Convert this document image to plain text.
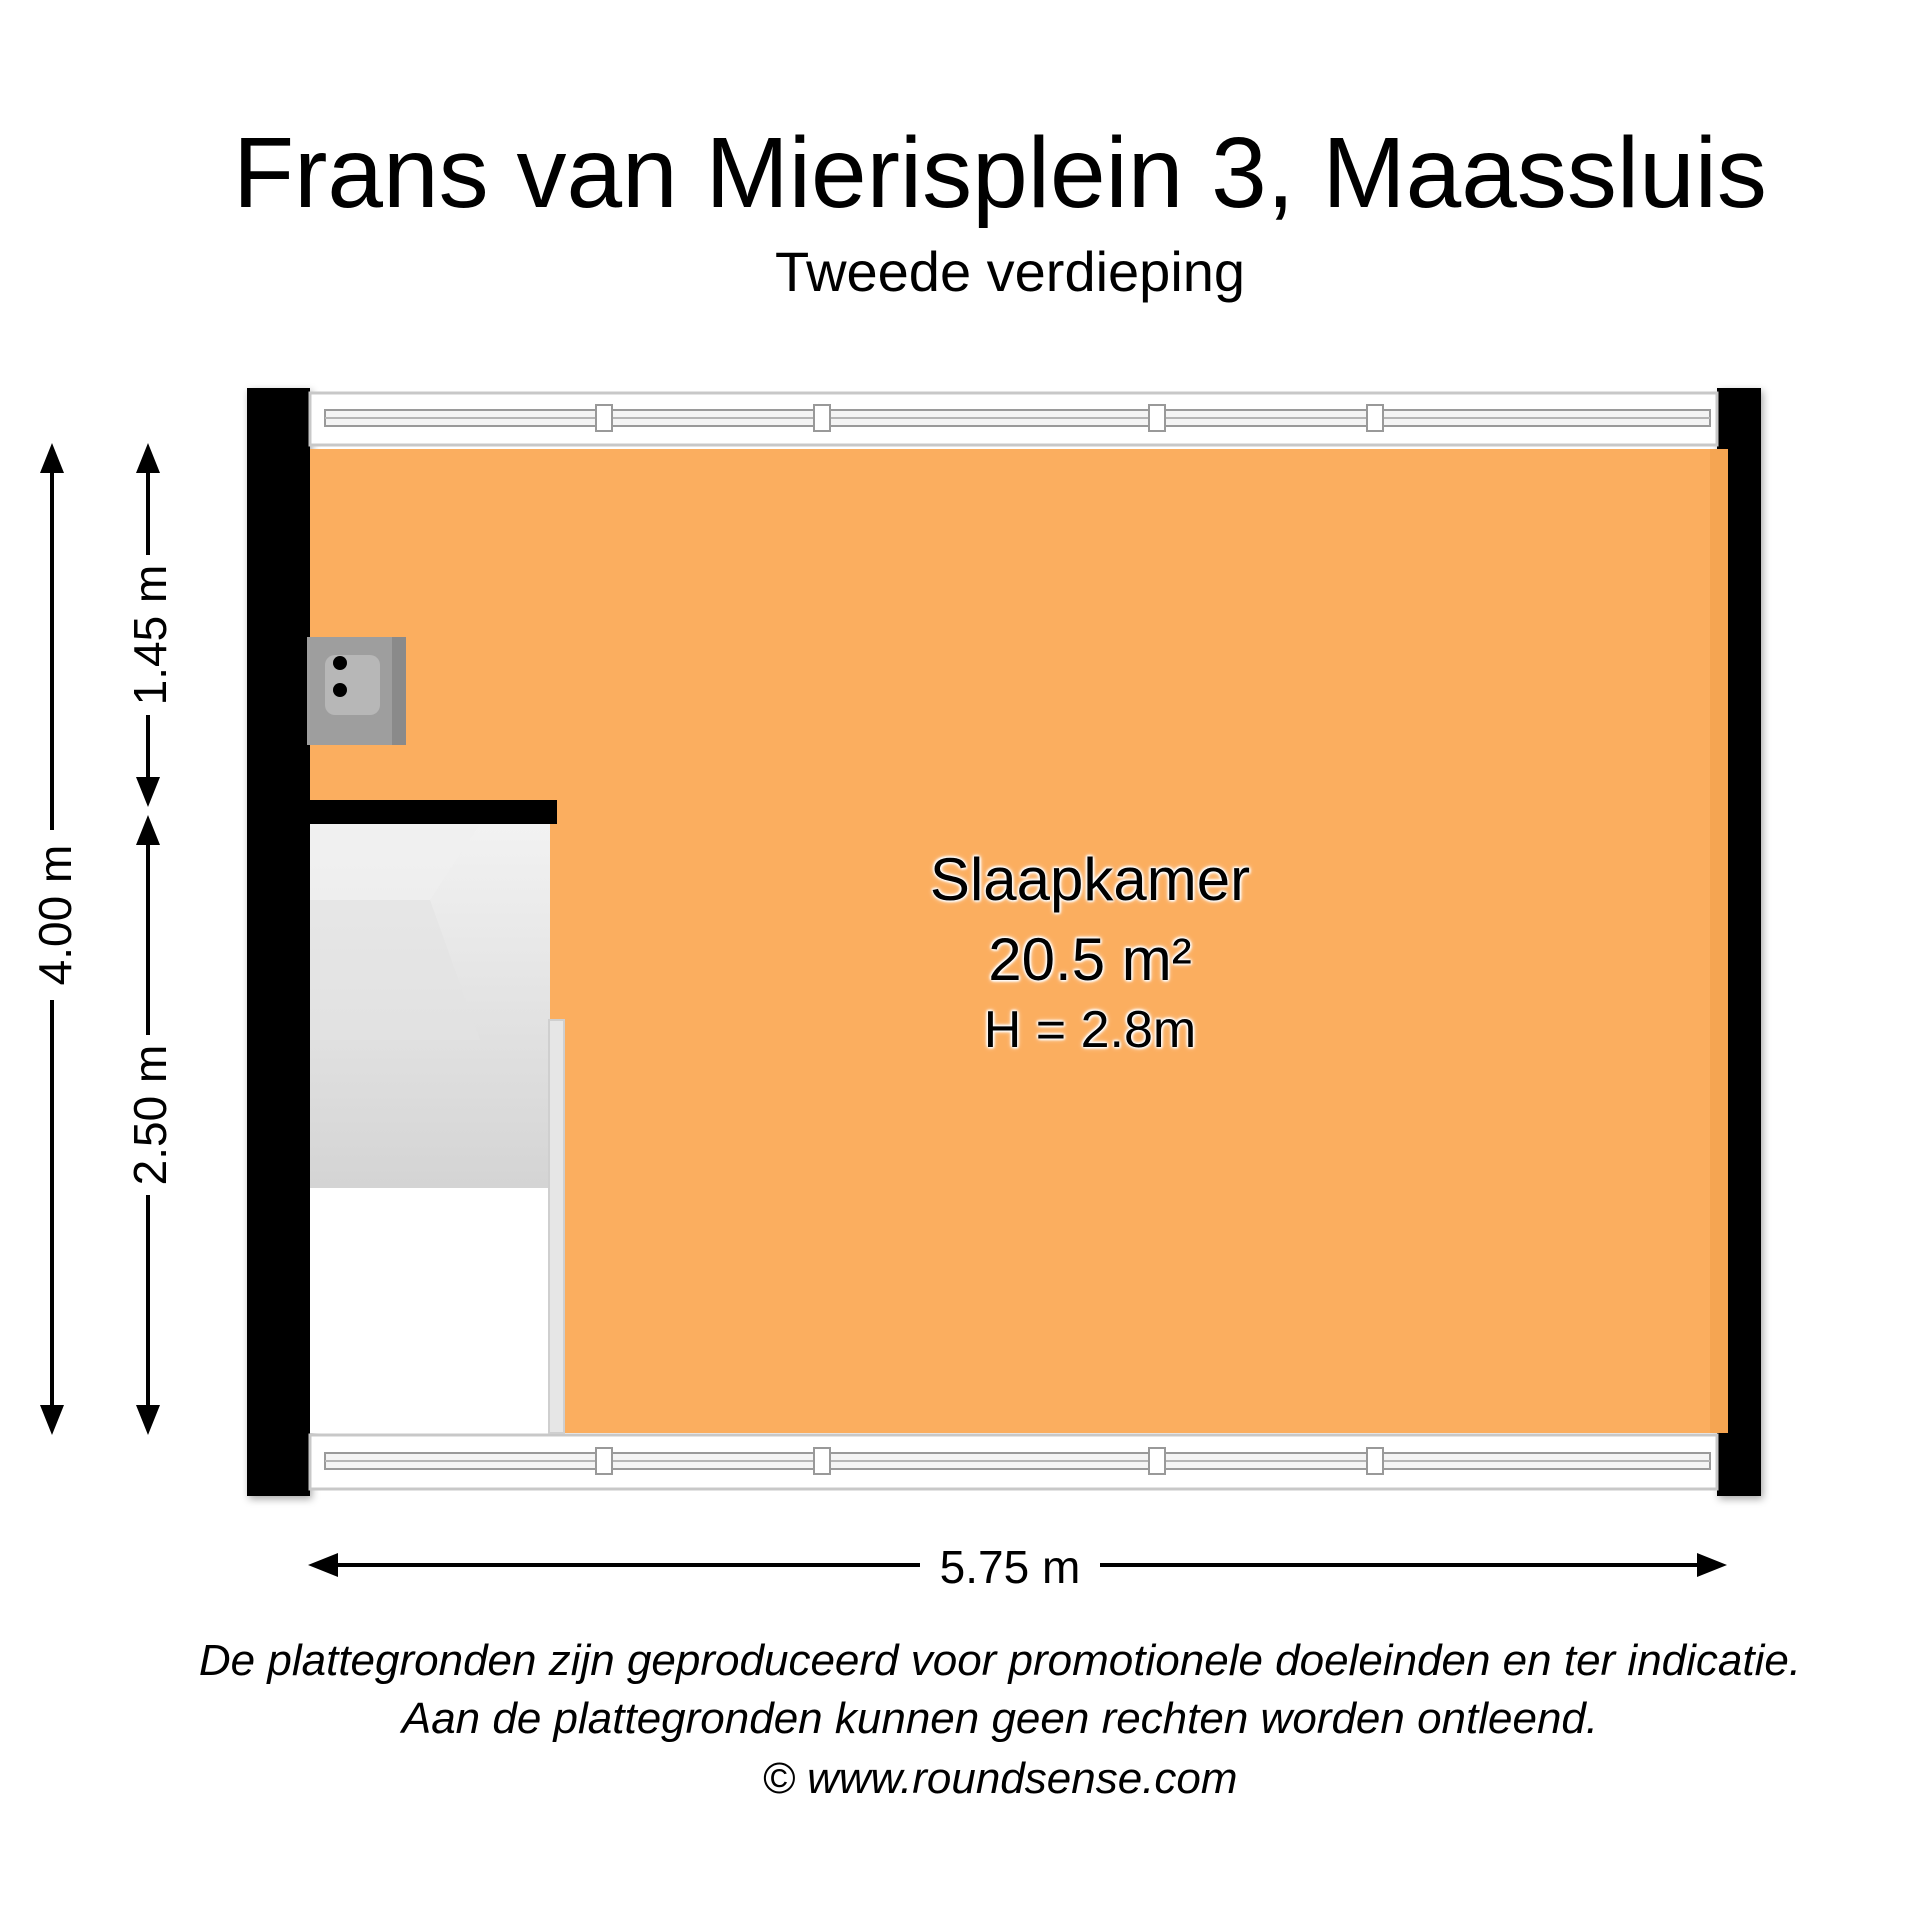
Frans van Mierisplein 3, Maassluis
Tweede verdieping
Slaapkamer
20.5 m²
H = 2.8m
5.75 m
4.00 m
1.45 m
2.50 m
De plattegronden zijn geproduceerd voor promotionele doeleinden en ter indicatie.
Aan de plattegronden kunnen geen rechten worden ontleend.
© www.roundsense.com
